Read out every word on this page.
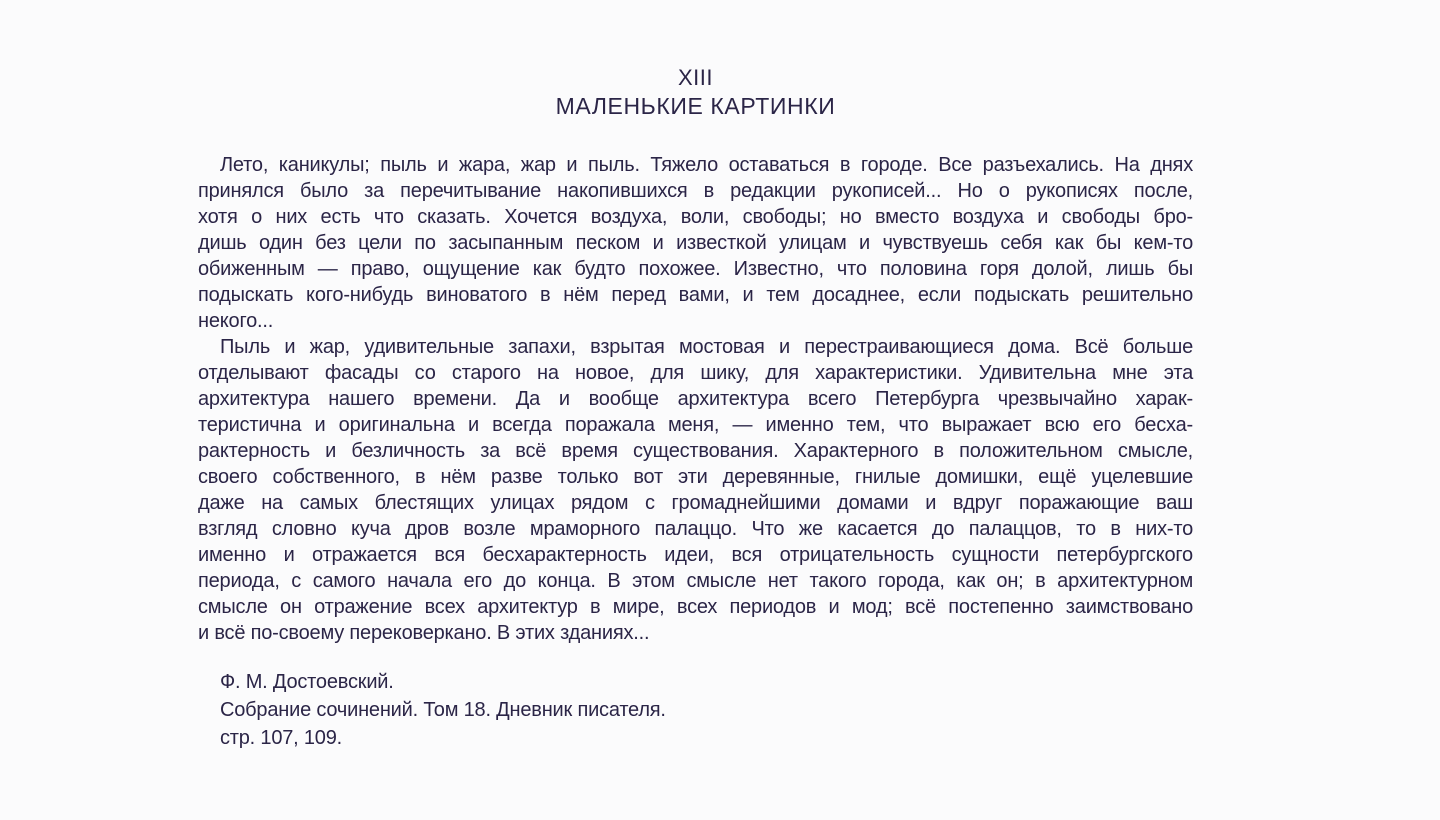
XIII
МАЛЕНЬКИЕ КАРТИНКИ
Лето, каникулы; пыль и жара, жар и пыль. Тяжело оставаться в городе. Все разъехались. На днях
принялся было за перечитывание накопившихся в редакции рукописей... Но о рукописях после,
хотя о них есть что сказать. Хочется воздуха, воли, свободы; но вместо воздуха и свободы бро-
дишь один без цели по засыпанным песком и известкой улицам и чувствуешь себя как бы кем-то
обиженным — право, ощущение как будто похожее. Известно, что половина горя долой, лишь бы
подыскать кого-нибудь виноватого в нём перед вами, и тем досаднее, если подыскать решительно
некого...
Пыль и жар, удивительные запахи, взрытая мостовая и перестраивающиеся дома. Всё больше
отделывают фасады со старого на новое, для шику, для характеристики. Удивительна мне эта
архитектура нашего времени. Да и вообще архитектура всего Петербурга чрезвычайно харак-
теристична и оригинальна и всегда поражала меня, — именно тем, что выражает всю его бесха-
рактерность и безличность за всё время существования. Характерного в положительном смысле,
своего собственного, в нём разве только вот эти деревянные, гнилые домишки, ещё уцелевшие
даже на самых блестящих улицах рядом с громаднейшими домами и вдруг поражающие ваш
взгляд словно куча дров возле мраморного палаццо. Что же касается до палаццов, то в них-то
именно и отражается вся бесхарактерность идеи, вся отрицательность сущности петербургского
периода, с самого начала его до конца. В этом смысле нет такого города, как он; в архитектурном
смысле он отражение всех архитектур в мире, всех периодов и мод; всё постепенно заимствовано
и всё по-своему перековеркано. В этих зданиях...
Ф. М. Достоевский.
Собрание сочинений. Том 18. Дневник писателя.
стр. 107, 109.
